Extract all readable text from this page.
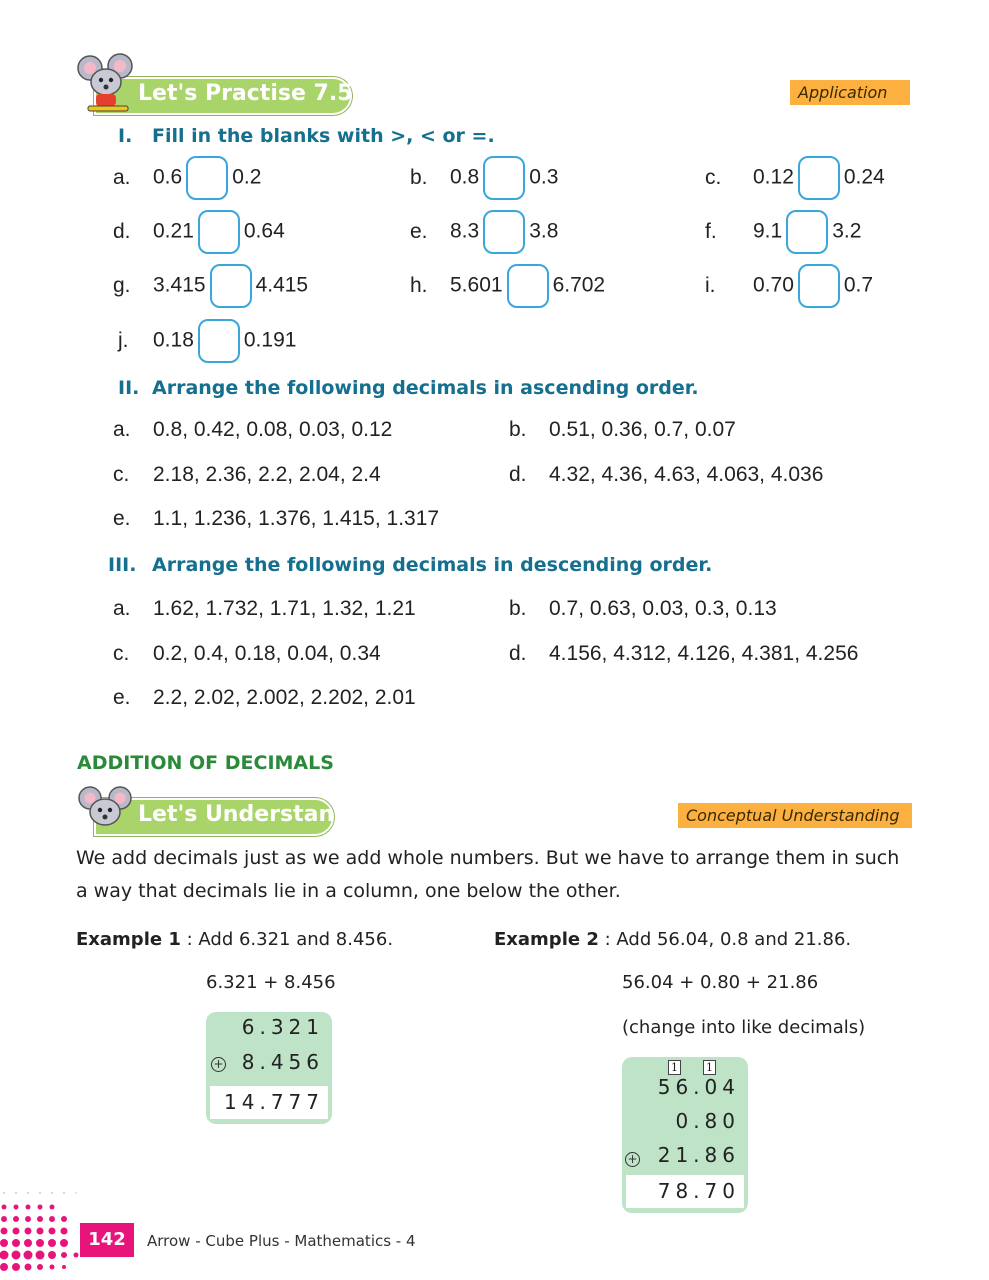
Let's Practise 7.5	Application
I. Fill in the blanks with >, < or =.
a. 0.6 0.2	b. 0.8 0.3	c. 0.12 0.24
d. 0.21 0.64	e. 8.3 3.8	f. 9.1 3.2
g. 3.415 4.415	h. 5.601 6.702	i. 0.70 0.7
j. 0.18 0.191
II. Arrange the following decimals in ascending order.
a. 0.8, 0.42, 0.08, 0.03, 0.12	b. 0.51, 0.36, 0.7, 0.07
c. 2.18, 2.36, 2.2, 2.04, 2.4	d. 4.32, 4.36, 4.63, 4.063, 4.036
e. 1.1, 1.236, 1.376, 1.415, 1.317
III. Arrange the following decimals in descending order.
a. 1.62, 1.732, 1.71, 1.32, 1.21	b. 0.7, 0.63, 0.03, 0.3, 0.13
c. 0.2, 0.4, 0.18, 0.04, 0.34	d. 4.156, 4.312, 4.126, 4.381, 4.256
e. 2.2, 2.02, 2.002, 2.202, 2.01
ADDITION OF DECIMALS
Let's Understand	Conceptual Understanding
We add decimals just as we add whole numbers. But we have to arrange them in such a way that decimals lie in a column, one below the other.
Example 1 : Add 6.321 and 8.456.	Example 2 : Add 56.04, 0.8 and 21.86.
6.321 + 8.456	56.04 + 0.80 + 21.86
(change into like decimals)
6.321
+ 8.456
14.777
1	1
56.04
0.80
+ 21.86
78.70
142	Arrow - Cube Plus - Mathematics - 4
